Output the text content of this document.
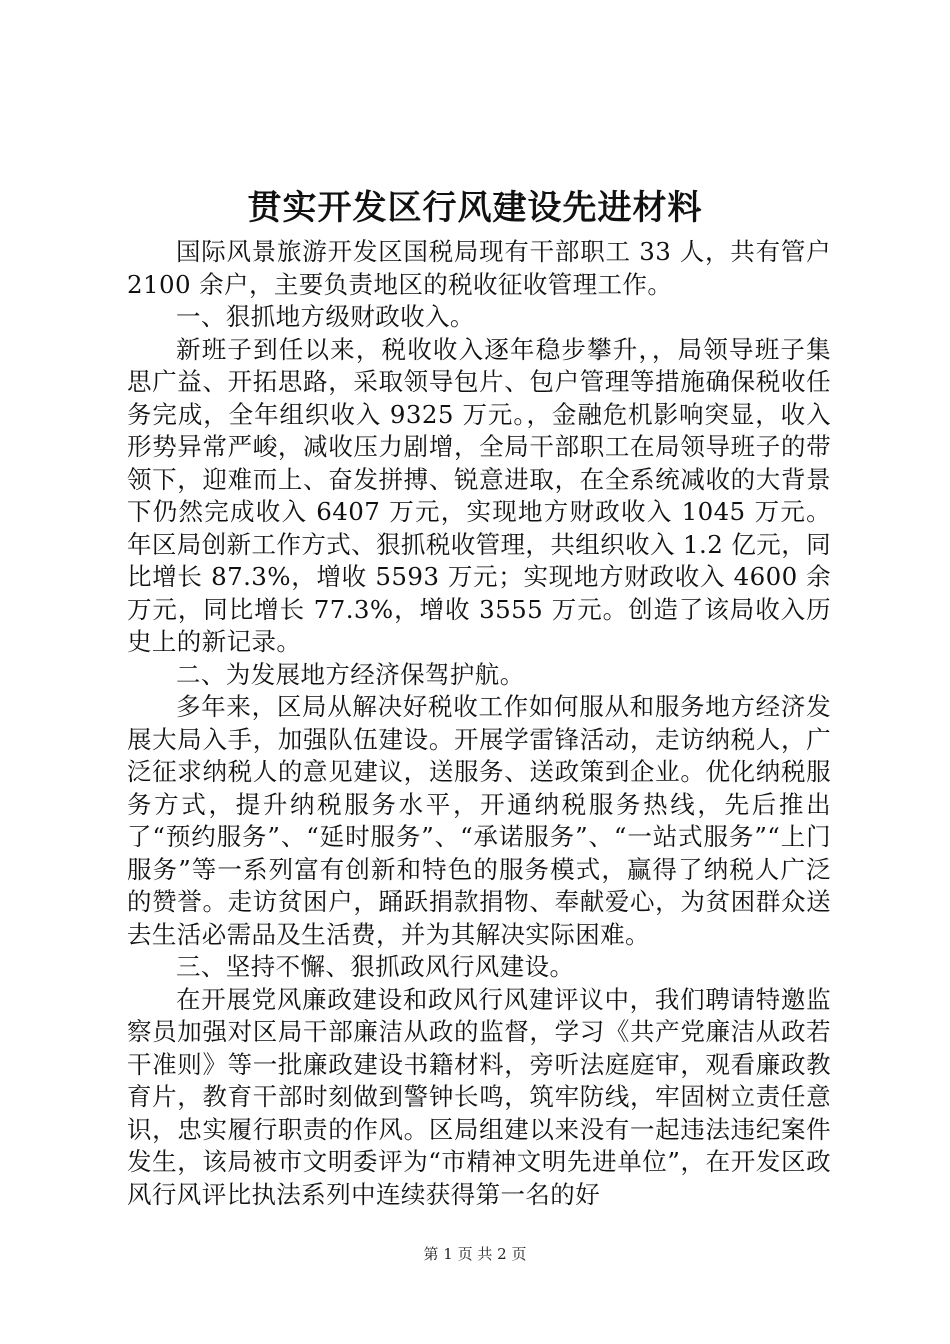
贯实开发区行风建设先进材料

国际风景旅游开发区国税局现有干部职工 33 人，共有管户 2100 余户，主要负责地区的税收征收管理工作。

一、狠抓地方级财政收入。

新班子到任以来，税收收入逐年稳步攀升，，局领导班子集思广益、开拓思路，采取领导包片、包户管理等措施确保税收任务完成，全年组织收入 9325 万元。，金融危机影响突显，收入形势异常严峻，减收压力剧增，全局干部职工在局领导班子的带领下，迎难而上、奋发拼搏、锐意进取，在全系统减收的大背景下仍然完成收入 6407 万元，实现地方财政收入 1045 万元。年区局创新工作方式、狠抓税收管理，共组织收入 1.2 亿元，同比增长 87.3%，增收 5593 万元；实现地方财政收入 4600 余万元，同比增长 77.3%，增收 3555 万元。创造了该局收入历史上的新记录。

二、为发展地方经济保驾护航。

多年来，区局从解决好税收工作如何服从和服务地方经济发展大局入手，加强队伍建设。开展学雷锋活动，走访纳税人，广泛征求纳税人的意见建议，送服务、送政策到企业。优化纳税服务方式，提升纳税服务水平，开通纳税服务热线，先后推出了“预约服务”、“延时服务”、“承诺服务”、“一站式服务”“上门服务”等一系列富有创新和特色的服务模式，赢得了纳税人广泛的赞誉。走访贫困户，踊跃捐款捐物、奉献爱心，为贫困群众送去生活必需品及生活费，并为其解决实际困难。

三、坚持不懈、狠抓政风行风建设。

在开展党风廉政建设和政风行风建评议中，我们聘请特邀监察员加强对区局干部廉洁从政的监督，学习《共产党廉洁从政若干准则》等一批廉政建设书籍材料，旁听法庭庭审，观看廉政教育片，教育干部时刻做到警钟长鸣，筑牢防线，牢固树立责任意识，忠实履行职责的作风。区局组建以来没有一起违法违纪案件发生，该局被市文明委评为“市精神文明先进单位”，在开发区政风行风评比执法系列中连续获得第一名的好

第 1 页 共 2 页
